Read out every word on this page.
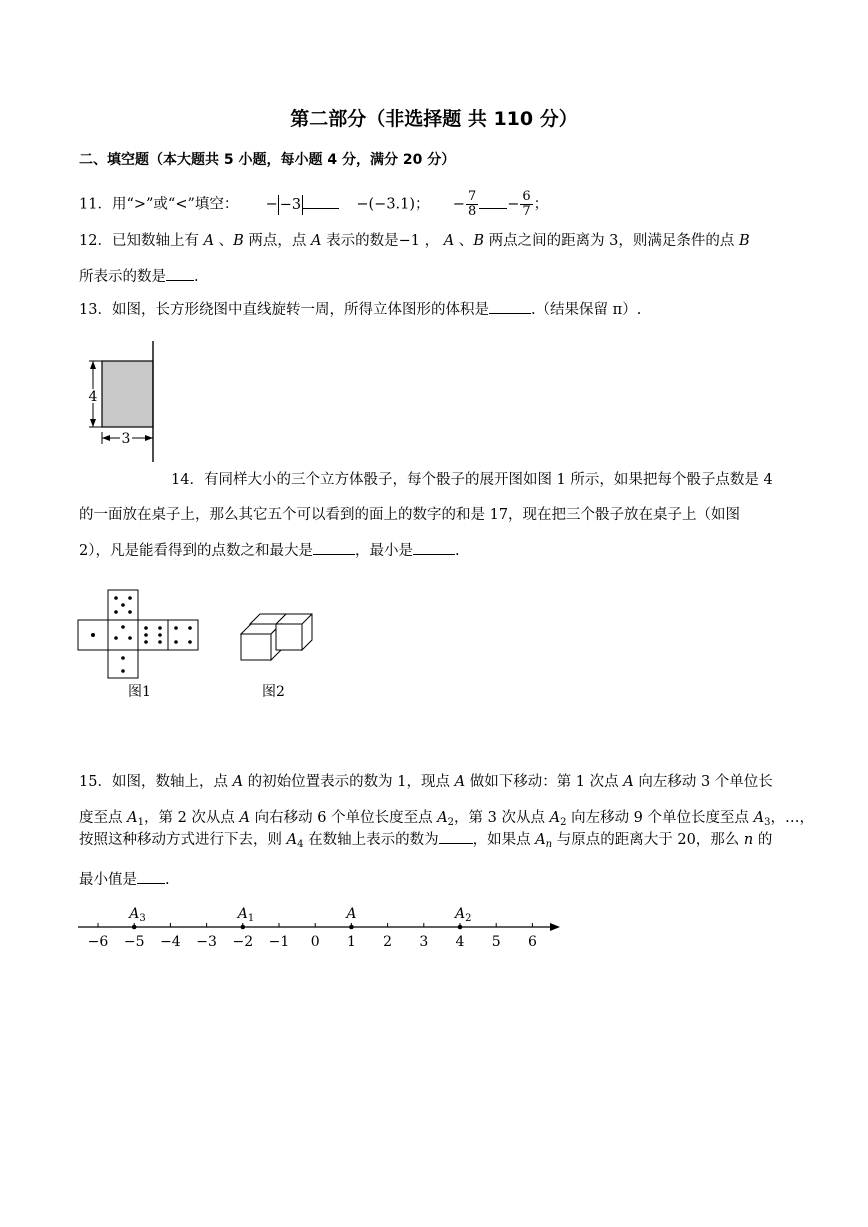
第二部分（非选择题 共 110 分）
二、填空题（本大题共 5 小题，每小题 4 分，满分 20 分）
11．用“>”或“<”填空： − −3	−(−3.1)； − $\frac{7}{8} - \frac{6}{7}$ ；
12．已知数轴上有 A 、B 两点，点 A 表示的数是−1 ， A 、B 两点之间的距离为 3，则满足条件的点 B
所表示的数是 .
13．如图，长方形绕图中直线旋转一周，所得立体图形的体积是	.（结果保留 π）.
4
3
14．有同样大小的三个立方体骰子，每个骰子的展开图如图 1 所示，如果把每个骰子点数是 4
的一面放在桌子上，那么其它五个可以看到的面上的数字的和是 17，现在把三个骰子放在桌子上（如图
2），凡是能看得到的点数之和最大是	，最小是	.
图1	图2
15．如图，数轴上，点 A 的初始位置表示的数为 1，现点 A 做如下移动：第 1 次点 A 向左移动 3 个单位长
度至点 $A_1$，第 2 次从点 A 向右移动 6 个单位长度至点 $A_2$，第 3 次从点 $A_2$ 向左移动 9 个单位长度至点 $A_3$，…，
按照这种移动方式进行下去，则 $A_4$ 在数轴上表示的数为 ，如果点 $A_n$ 与原点的距离大于 20，那么 n 的
最小值是 .
−6 −5 −4 −3 −2 −1 0 1 2 3 4 5 6
$A_3$	$A_1$	A	$A_2$
